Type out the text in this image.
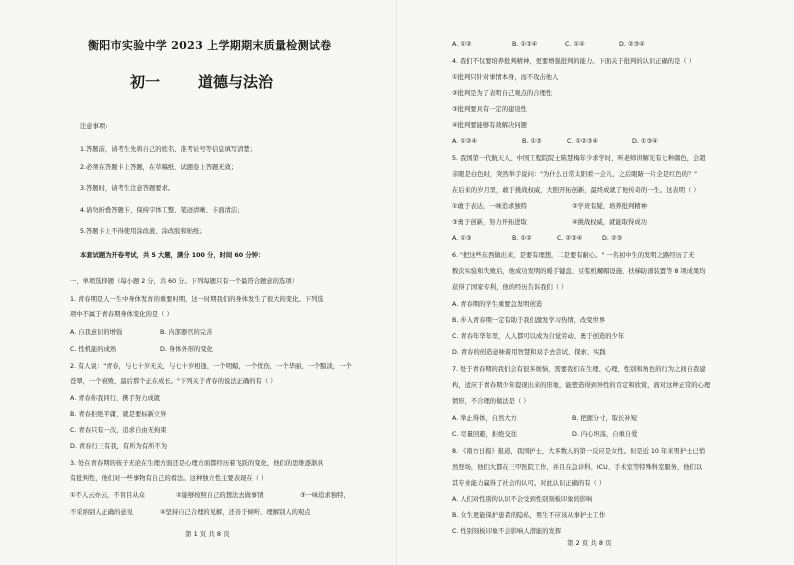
衡阳市实验中学 2023 上学期期末质量检测试卷
初一	道德与法治
注意事项:
1.答题前，请考生先将自己的姓名、准考证号等信息填写清楚；
2.必须在答题卡上答题，在草稿纸、试题卷上答题无效；
3.答题时，请考生注意答题要求。
4.请勿折叠答题卡，保持字体工整、笔迹清晰、卡面清洁；
5.答题卡上不得使用涂改液、涂改胶和贴纸；
本套试题为开卷考试，共 5 大题，满分 100 分，时间 60 分钟：
一、单项选择题（每小题 2 分，共 60 分。下列每题只有一个最符合题意的选项）
1. 青春期是人一生中身体发育的重要时期，这一时期我们的身体发生了很大的变化。下列选
项中不属于青春期身体变化的是（ ）
A. 自我意识的增强	B. 内部器官的完善
C. 性机能的成熟	D. 身体外形的变化
2. 有人说："青春，与七十岁无关，与七十岁相逢，一个明媚，一个忧伤，一个华丽，一个黯淡，一个
苍翠，一个衰败，最后那个正在成长。"下列关于青春的说法正确的有（ ）
A. 青春你我同行，携手努力成就
B. 青春拒绝平庸，就是要标新立异
C. 青春只有一次，追求自由无拘束
D. 青春行三有我，有所为有所不为
3. 处在青春期的孩子无论在生理方面还是心理方面都经历着飞跃的变化，他们的思维逐渐具
有批判性，他们对一些事物有自己的看法。这种独立性主要表现在（ ）
①不人云亦云，不盲目从众	②能够按照自己的想法去做事情	③一味追求独特，
不采纳别人正确的意见	④坚持自己合理的见解，还善于倾听、理解别人的观点
第 1 页 共 8 页
A. ①②	B. ①③④	C. ①④	D. ②③④
4. 我们不仅要培养批判精神，更要增强批判的能力。下面关于批判的认识正确的是（ ）
①批判只针对事情本身，而不攻击他人
②批判是为了表明自己观点的合理性
③批判要具有一定的建设性
④批判要能够有效解决问题
A. ①②④	B. ①③	C. ①②③④	D. ①③④
5. 我国第一代航天人、中国工程院院士陈慧梅年少求学时，听老师讲解光有七种颜色，会超
亲眼是白色时，突然举手说问："为什么日常太阳看一会儿，之后眼睛一片全是红色的？"
在后来的岁月里，敢于挑战权威，大胆开拓创新，最终成就了他传奇的一生。这表明（ ）
①敢于表达，一味追求独特	②学贵有疑，培养批判精神
③勇于创新，努力开拓进取	④挑战权威，就能取得成功
A. ①③	B. ①②	C. ②③④	D. ②③
6. "把这些东西做出来，是要有理想，二是要有耐心。" 一名初中生的发明之路经历了无
数次实验和失败后，他成功发明的暖手键盘、豆浆机螺帽设施、扶梯防滑装置等 8 项成果均
获得了国家专利，他的经历告诉我们（ ）
A. 青春期的学生重要急发明创造
B. 步入青春期一定有助于我们激发学习热情，改变世界
C. 青春年华年里，人人都可以成为自觉劳动、勇于创造的少年
D. 青春的创造意味着用智慧和双手去尝试、探索、实践
7. 处于青春期的我们会有很多烦恼，需要我们在生理、心理、性别和角色的行为之间自我建
构，适应于青春期少年提现出来的形象，能塑造得到异性的肯定和欣赏，面对这种正常的心理
情形，不合理的做法是（ ）
A. 举止得体，自然大方	B. 把握分寸，取长补短
C. 尽量回避，拒绝交往	D. 内心坦荡，自重自爱
8. 《南方日报》报道，我国护士，大多数人的第一反应是女性。但是近 10 年来男护士已悄
然登场，他们大都在三甲医院工作，并且在急诊科、ICU、手术室等特殊科室服务，他们以
其专业能力赢得了社会的认可。对此认识正确的有（ ）
A. 人们对性别的认识不会受到性别刻板印象的影响
B. 女生更能保护患者的隐私，男生不应该从事护士工作
C. 性别刻板印象不会影响人潜能的发挥
第 2 页 共 8 页
